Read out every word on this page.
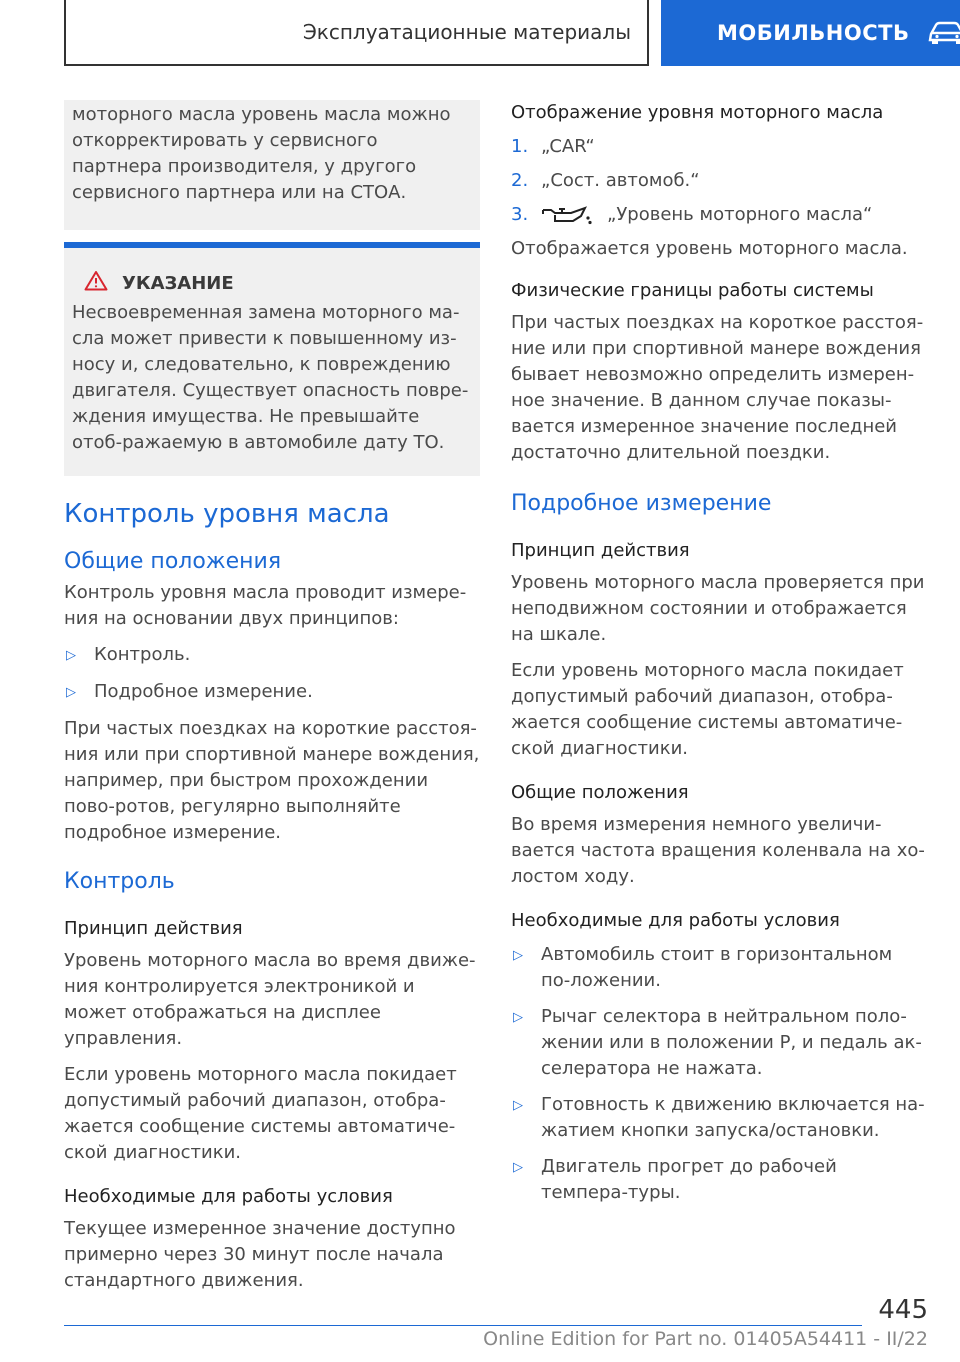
Эксплуатационные материалы	МОБИЛЬНОСТЬ
моторного масла уровень масла можно откорректировать у сервисного партнера производителя, у другого сервисного партнера или на СТОА.
УКАЗАНИЕ
Несвоевременная замена моторного ма-сла может привести к повышенному из-носу и, следовательно, к повреждению двигателя. Существует опасность повре-ждения имущества. Не превышайте отоб-ражаемую в автомобиле дату ТО.
Контроль уровня масла
Общие положения
Контроль уровня масла проводит измере-ния на основании двух принципов:
▷	Контроль.
▷	Подробное измерение.
При частых поездках на короткие расстоя-ния или при спортивной манере вождения, например, при быстром прохождении пово-ротов, регулярно выполняйте подробное измерение.
Контроль
Принцип действия
Уровень моторного масла во время движе-ния контролируется электроникой и может отображаться на дисплее управления.
Если уровень моторного масла покидает допустимый рабочий диапазон, отобра-жается сообщение системы автоматиче-ской диагностики.
Необходимые для работы условия
Текущее измеренное значение доступно примерно через 30 минут после начала стандартного движения.
Отображение уровня моторного масла
1. „CAR“
2. „Сост. автомоб.“
3.	„Уровень моторного масла“
Отображается уровень моторного масла.
Физические границы работы системы
При частых поездках на короткое расстоя-ние или при спортивной манере вождения бывает невозможно определить измерен-ное значение. В данном случае показы-вается измеренное значение последней достаточно длительной поездки.
Подробное измерение
Принцип действия
Уровень моторного масла проверяется при неподвижном состоянии и отображается на шкале.
Если уровень моторного масла покидает допустимый рабочий диапазон, отобра-жается сообщение системы автоматиче-ской диагностики.
Общие положения
Во время измерения немного увеличи-вается частота вращения коленвала на хо-лостом ходу.
Необходимые для работы условия
▷	Автомобиль стоит в горизонтальном по-ложении.
▷	Рычаг селектора в нейтральном поло-жении или в положении P, и педаль ак-селератора не нажата.
▷	Готовность к движению включается на-жатием кнопки запуска/остановки.
▷	Двигатель прогрет до рабочей темпера-туры.
445
Online Edition for Part no. 01405A54411 - II/22
